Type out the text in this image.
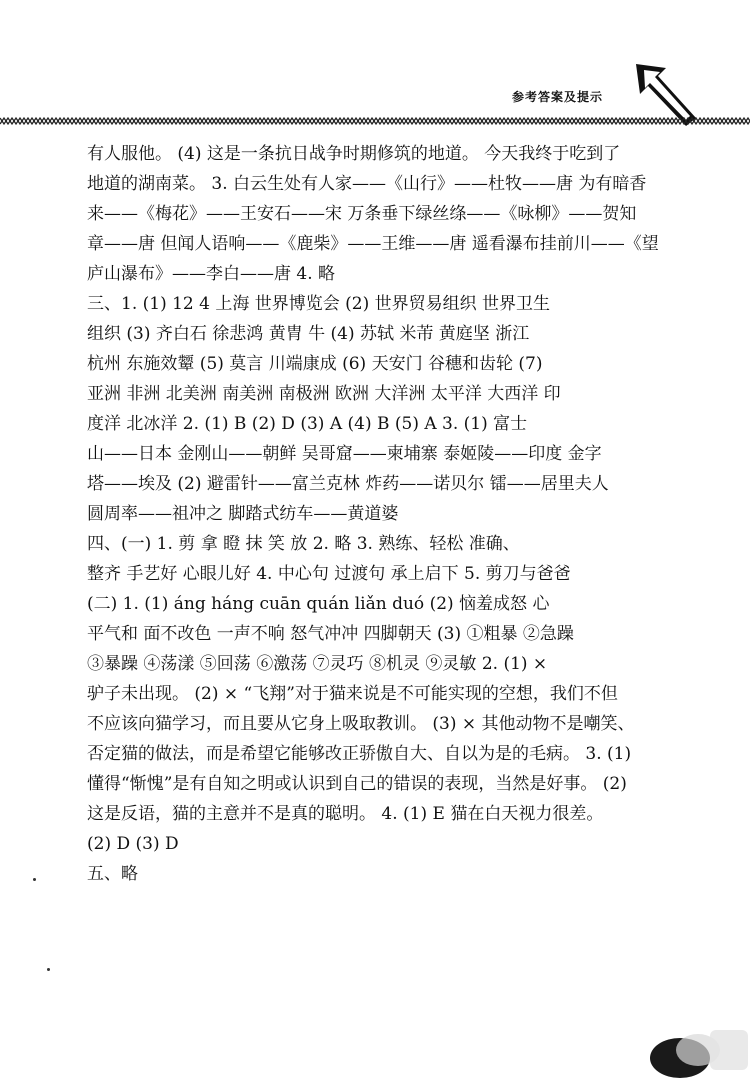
参考答案及提示
有人服他。 (4) 这是一条抗日战争时期修筑的地道。 今天我终于吃到了
地道的湖南菜。 3. 白云生处有人家——《山行》——杜牧——唐 为有暗香
来——《梅花》——王安石——宋 万条垂下绿丝绦——《咏柳》——贺知
章——唐 但闻人语响——《鹿柴》——王维——唐 遥看瀑布挂前川——《望
庐山瀑布》——李白——唐 4. 略
三、1. (1) 12 4 上海 世界博览会 (2) 世界贸易组织 世界卫生
组织 (3) 齐白石 徐悲鸿 黄胄 牛 (4) 苏轼 米芾 黄庭坚 浙江
杭州 东施效颦 (5) 莫言 川端康成 (6) 天安门 谷穗和齿轮 (7)
亚洲 非洲 北美洲 南美洲 南极洲 欧洲 大洋洲 太平洋 大西洋 印
度洋 北冰洋 2. (1) B (2) D (3) A (4) B (5) A 3. (1) 富士
山——日本 金刚山——朝鲜 吴哥窟——柬埔寨 泰姬陵——印度 金字
塔——埃及 (2) 避雷针——富兰克林 炸药——诺贝尔 镭——居里夫人
圆周率——祖冲之 脚踏式纺车——黄道婆
四、(一) 1. 剪 拿 瞪 抹 笑 放 2. 略 3. 熟练、轻松 准确、
整齐 手艺好 心眼儿好 4. 中心句 过渡句 承上启下 5. 剪刀与爸爸
(二) 1. (1) áng háng cuān quán liǎn duó (2) 恼羞成怒 心
平气和 面不改色 一声不响 怒气冲冲 四脚朝天 (3) ①粗暴 ②急躁
③暴躁 ④荡漾 ⑤回荡 ⑥激荡 ⑦灵巧 ⑧机灵 ⑨灵敏 2. (1) ×
驴子未出现。 (2) × “飞翔”对于猫来说是不可能实现的空想，我们不但
不应该向猫学习，而且要从它身上吸取教训。 (3) × 其他动物不是嘲笑、
否定猫的做法，而是希望它能够改正骄傲自大、自以为是的毛病。 3. (1)
懂得“惭愧”是有自知之明或认识到自己的错误的表现，当然是好事。 (2)
这是反语，猫的主意并不是真的聪明。 4. (1) E 猫在白天视力很差。
(2) D (3) D
五、略
